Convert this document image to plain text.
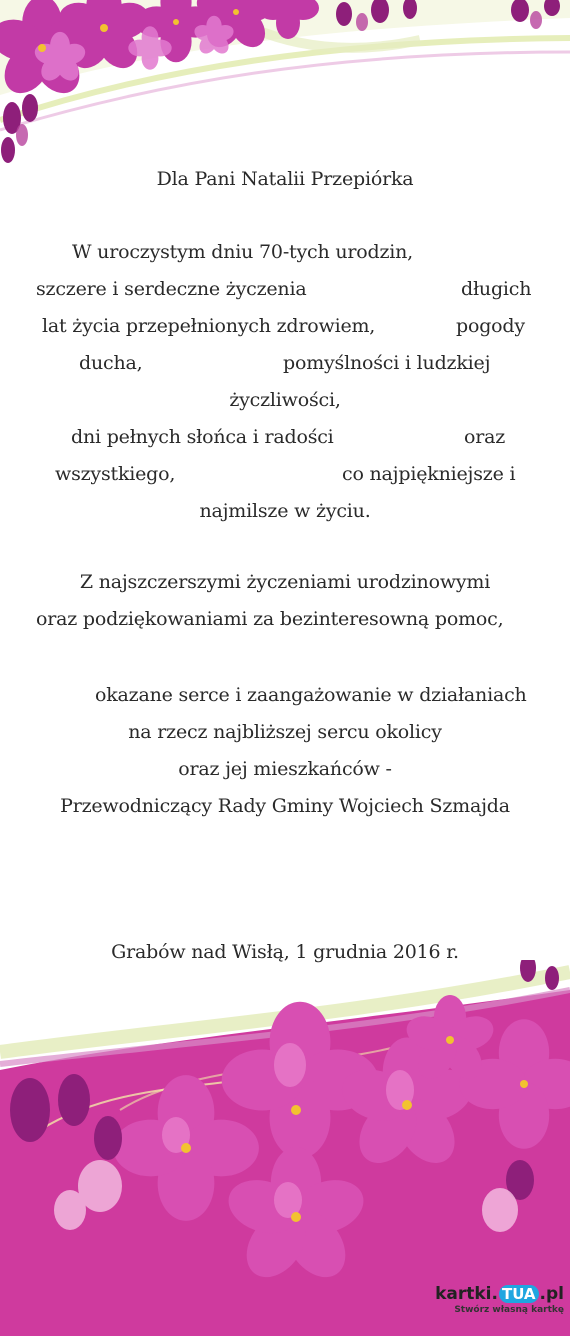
Dla Pani Natalii Przepiórka

W uroczystym dniu 70-tych urodzin,

szczere i serdeczne życzenia	długich

lat życia przepełnionych zdrowiem,	pogody

ducha,	pomyślności i ludzkiej

życzliwości,

dni pełnych słońca i radości	oraz

wszystkiego,	co najpiękniejsze i

najmilsze w życiu.

Z najszczerszymi życzeniami urodzinowymi

oraz podziękowaniami za bezinteresowną pomoc,

okazane serce i zaangażowanie w działaniach

na rzecz najbliższej sercu okolicy

oraz jej mieszkańców -

Przewodniczący Rady Gminy Wojciech Szmajda

Grabów nad Wisłą, 1 grudnia 2016 r.

kartki. TUA .pl
Stwórz własną kartkę
